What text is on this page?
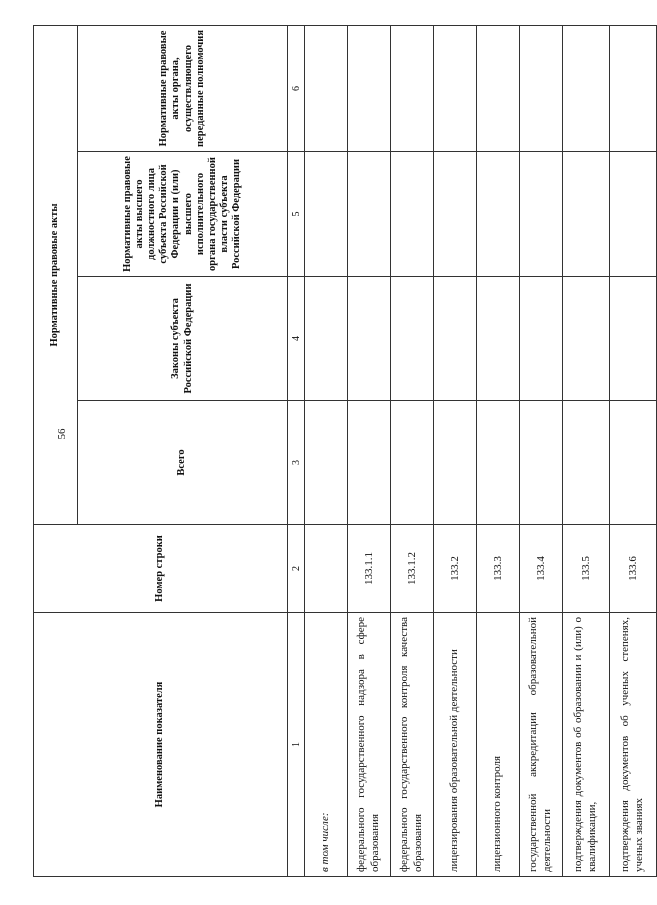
56
Наименование показателя	Номер строки	Нормативные правовые акты			
		Всего	Законы субъекта Российской Федерации	Нормативные правовые акты высшего должностного лица субъекта Российской Федерации и (или) высшего исполнительного органа государственной власти субъекта Российской Федерации	Нормативные правовые акты органа, осуществляющего переданные полномочия
1	2	3	4	5	6
в том числе:					
федерального государственного надзора в сфере образования	133.1.1				
федерального государственного контроля качества образования	133.1.2				
лицензирования образовательной деятельности	133.2				
лицензионного контроля	133.3				
государственной аккредитации образовательной деятельности	133.4				
подтверждения документов об образовании и (или) о квалификации,	133.5				
подтверждения документов об ученых степенях, ученых званиях	133.6				
